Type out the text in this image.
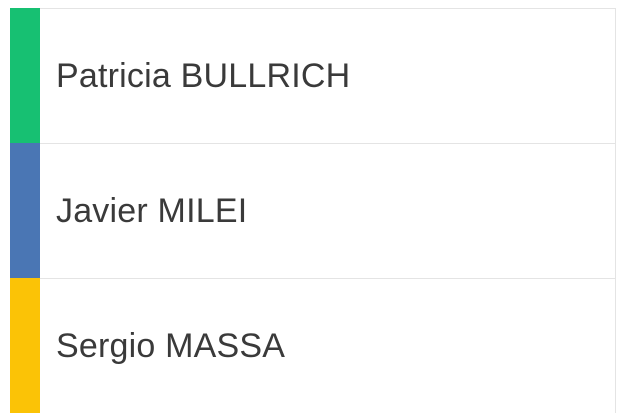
Patricia BULLRICH
Javier MILEI
Sergio MASSA
